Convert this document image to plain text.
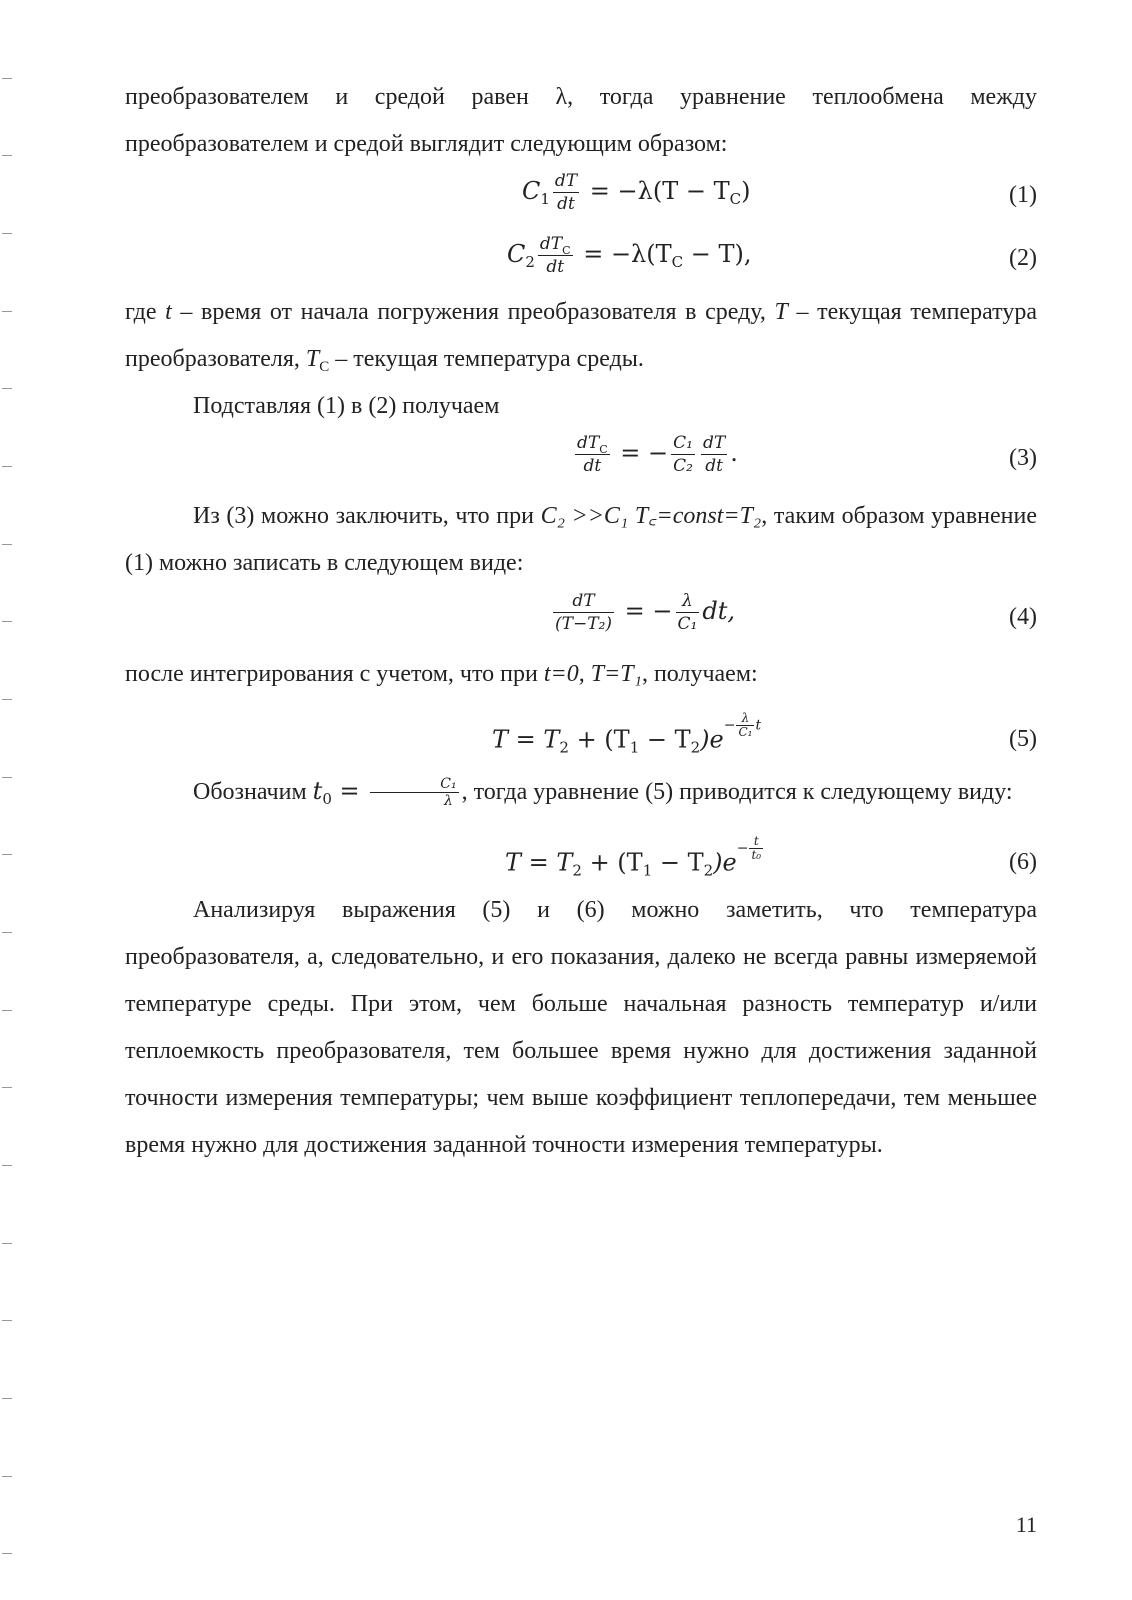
преобразователем и средой равен λ, тогда уравнение теплообмена между преобразователем и средой выглядит следующим образом:

$C_1 \frac{dT}{dt} = -\lambda(T - T_C)$	(1)
$C_2 \frac{dT_C}{dt} = -\lambda(T_C - T)$,	(2)

где t – время от начала погружения преобразователя в среду, T – текущая температура преобразователя, $T_C$ – текущая температура среды.

Подставляя (1) в (2) получаем

$\frac{dT_C}{dt}$ = − $\frac{\text{C₁}}{\text{C₂}} \frac{dT}{dt}$ .	(3)

Из (3) можно заключить, что при C₂ >>C₁ T꜀=const=T₂, таким образом уравнение (1) можно записать в следующем виде:

$\frac{dT}{\text{(T−T₂)}}$ = − $\frac{\lambda}{\text{C₁}}$ dt,	(4)

после интегрирования с учетом, что при t=0, T=T₁, получаем:

$T = T_2 + (T_1 - T_2)e- \frac{\lambda}{\text{C₁}}$ t
(5)

Обозначим $t_0 = \frac{\text{C₁}}{\lambda}$ , тогда уравнение (5) приводится к следующему виду:

$T = T_2 + (T_1 - T_2)e- \frac{t}{\text{t₀}}$	(6)

Анализируя выражения (5) и (6) можно заметить, что температура преобразователя, а, следовательно, и его показания, далеко не всегда равны измеряемой температуре среды. При этом, чем больше начальная разность температур и/или теплоемкость преобразователя, тем большее время нужно для достижения заданной точности измерения температуры; чем выше коэффициент теплопередачи, тем меньшее время нужно для достижения заданной точности измерения температуры.

11
